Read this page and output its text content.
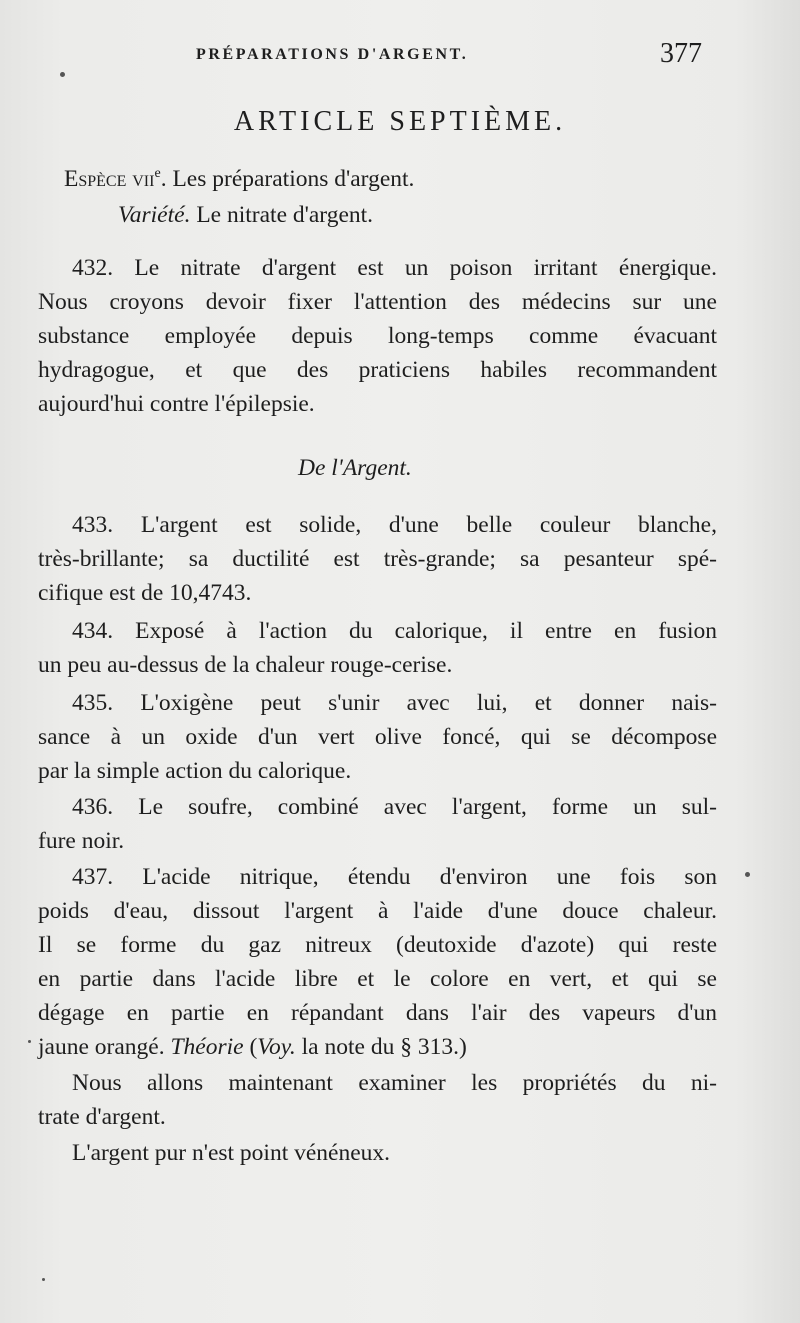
PRÉPARATIONS D'ARGENT.	377
ARTICLE SEPTIÈME.
Espèce vii$^e$. Les préparations d'argent.
Variété. Le nitrate d'argent.
432. Le nitrate d'argent est un poison irritant énergique.
Nous croyons devoir fixer l'attention des médecins sur une
substance employée depuis long-temps comme évacuant
hydragogue, et que des praticiens habiles recommandent
aujourd'hui contre l'épilepsie.
De l'Argent.
433. L'argent est solide, d'une belle couleur blanche,
très-brillante; sa ductilité est très-grande; sa pesanteur spé-
cifique est de 10,4743.
434. Exposé à l'action du calorique, il entre en fusion
un peu au-dessus de la chaleur rouge-cerise.
435. L'oxigène peut s'unir avec lui, et donner nais-
sance à un oxide d'un vert olive foncé, qui se décompose
par la simple action du calorique.
436. Le soufre, combiné avec l'argent, forme un sul-
fure noir.
437. L'acide nitrique, étendu d'environ une fois son
poids d'eau, dissout l'argent à l'aide d'une douce chaleur.
Il se forme du gaz nitreux (deutoxide d'azote) qui reste
en partie dans l'acide libre et le colore en vert, et qui se
dégage en partie en répandant dans l'air des vapeurs d'un
jaune orangé. Théorie (Voy. la note du § 313.)
Nous allons maintenant examiner les propriétés du ni-
trate d'argent.
L'argent pur n'est point vénéneux.
